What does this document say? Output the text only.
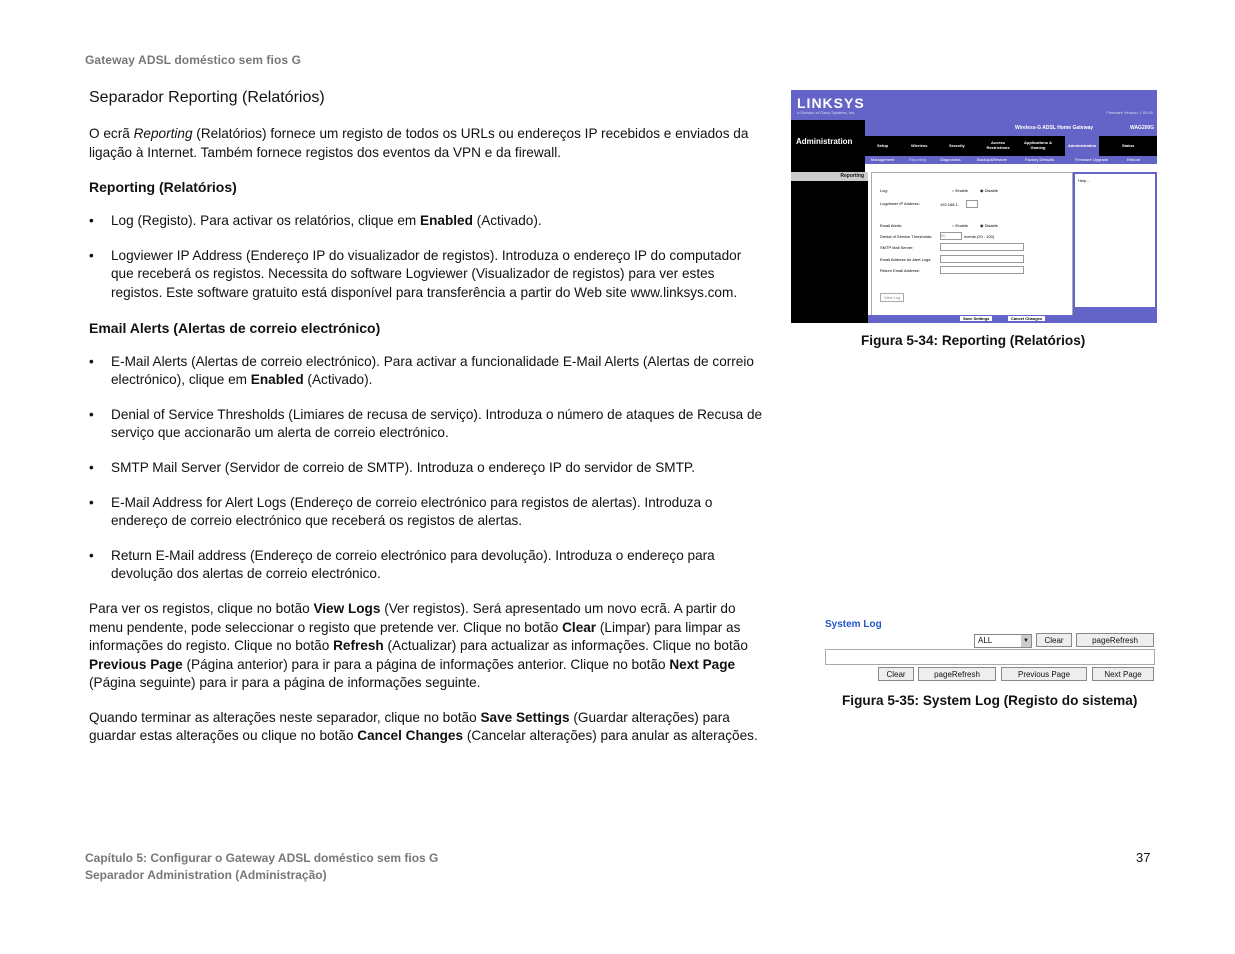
Gateway ADSL doméstico sem fios G
Separador Reporting (Relatórios)

O ecrã Reporting (Relatórios) fornece um registo de todos os URLs ou endereços IP recebidos e enviados da ligação à Internet. Também fornece registos dos eventos da VPN e da firewall.

Reporting (Relatórios)
• Log (Registo). Para activar os relatórios, clique em Enabled (Activado).
• Logviewer IP Address (Endereço IP do visualizador de registos). Introduza o endereço IP do computador que receberá os registos. Necessita do software Logviewer (Visualizador de registos) para ver estes registos. Este software gratuito está disponível para transferência a partir do Web site www.linksys.com.
Email Alerts (Alertas de correio electrónico)
• E-Mail Alerts (Alertas de correio electrónico). Para activar a funcionalidade E-Mail Alerts (Alertas de correio electrónico), clique em Enabled (Activado).
• Denial of Service Thresholds (Limiares de recusa de serviço). Introduza o número de ataques de Recusa de serviço que accionarão um alerta de correio electrónico.
• SMTP Mail Server (Servidor de correio de SMTP). Introduza o endereço IP do servidor de SMTP.
• E-Mail Address for Alert Logs (Endereço de correio electrónico para registos de alertas). Introduza o endereço de correio electrónico que receberá os registos de alertas.
• Return E-Mail address (Endereço de correio electrónico para devolução). Introduza o endereço para devolução dos alertas de correio electrónico.

Para ver os registos, clique no botão View Logs (Ver registos). Será apresentado um novo ecrã. A partir do menu pendente, pode seleccionar o registo que pretende ver. Clique no botão Clear (Limpar) para limpar as informações do registo. Clique no botão Refresh (Actualizar) para actualizar as informações. Clique no botão Previous Page (Página anterior) para ir para a página de informações anterior. Clique no botão Next Page (Página seguinte) para ir para a página de informações seguinte.

Quando terminar as alterações neste separador, clique no botão Save Settings (Guardar alterações) para guardar estas alterações ou clique no botão Cancel Changes (Cancelar alterações) para anular as alterações.

LINKSYS
A Division of Cisco Systems, Inc.	Firmware Version: 1.00.00
Administration
Wireless-G ADSL Home Gateway	WAG200G
Setup	Wireless	Security
Access Restrictions
Applications & Gaming	Administration	Status
Management	Reporting	Diagnostics	Backup&Restore	Factory Defaults	Firmware Upgrade	Reboot
Reporting
Log:	○ Enable	◉ Disable
Logviewer IP Address:	192.168.1.
Email Alerts:	○ Enable	◉ Disable
Denial of Service Thresholds: 20	events (20 - 100)
SMTP Mail Server:
Email Address for Alert Logs:
Return Email Address:
View Log
Help...
CISCO SYSTEMS
Save Settings	Cancel Changes
Figura 5-34: Reporting (Relatórios)
System Log
ALL	▼	Clear	pageRefresh
Clear	pageRefresh	Previous Page	Next Page
Figura 5-35: System Log (Registo do sistema)
Capítulo 5: Configurar o Gateway ADSL doméstico sem fios G
Separador Administration (Administração)
37
